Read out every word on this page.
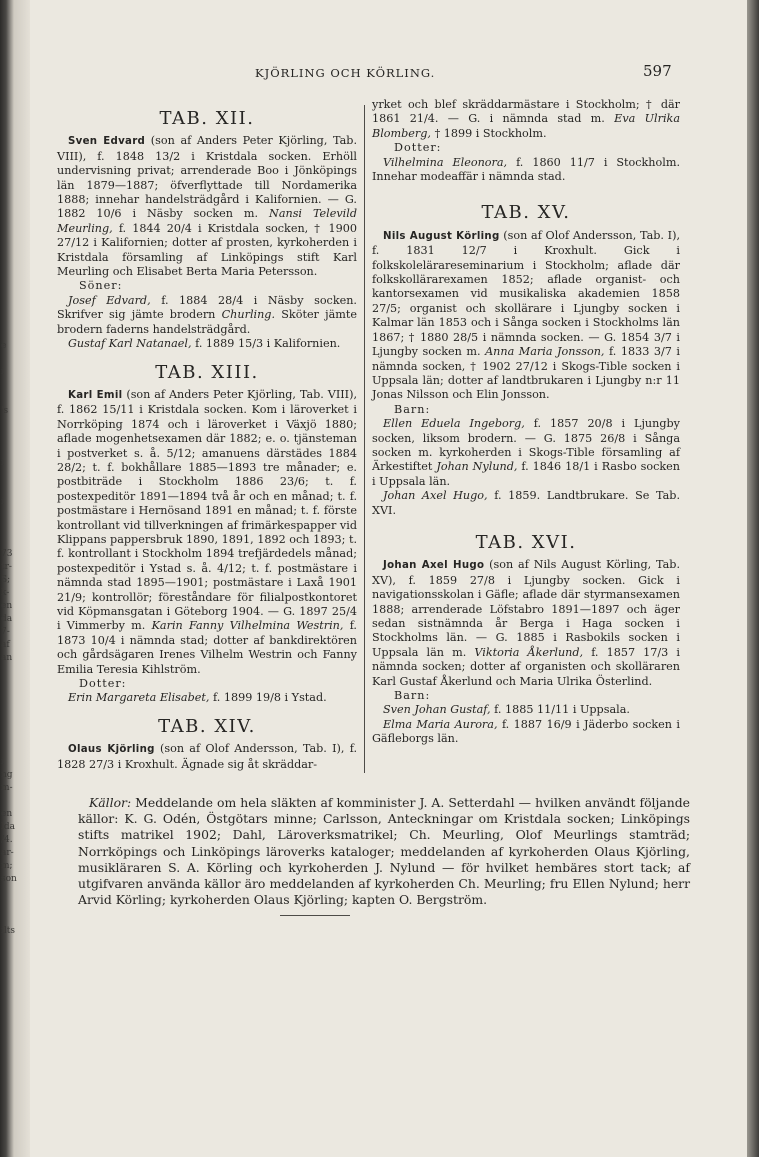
e

i

's

i

i

73
tr-
S;
k-
en
da
7-
af
an

i
ng
m-

en
lda
/4.
ar-
m;
son

ilts
KJÖRLING OCH KÖRLING.	597
TAB. XII.

Sven Edvard (son af Anders Peter Kjörling, Tab. VIII), f. 1848 13/2 i Kristdala socken. Erhöll undervisning privat; arrenderade Boo i Jönköpings län 1879—1887; öfverflyttade till Nordamerika 1888; innehar handelsträdgård i Kalifornien. — G. 1882 10/6 i Näsby socken m. Nansi Televild Meurling, f. 1844 20/4 i Kristdala socken, † 1900 27/12 i Kalifornien; dotter af prosten, kyrkoherden i Kristdala församling af Linköpings stift Karl Meurling och Elisabet Berta Maria Petersson.

Söner:

Josef Edvard, f. 1884 28/4 i Näsby socken. Skrifver sig jämte brodern Churling. Sköter jämte brodern faderns handelsträdgård.

Gustaf Karl Natanael, f. 1889 15/3 i Kalifornien.

TAB. XIII.

Karl Emil (son af Anders Peter Kjörling, Tab. VIII), f. 1862 15/11 i Kristdala socken. Kom i läroverket i Norrköping 1874 och i läroverket i Växjö 1880; aflade mogenhetsexamen där 1882; e. o. tjänsteman i postverket s. å. 5/12; amanuens därstädes 1884 28/2; t. f. bokhållare 1885—1893 tre månader; e. postbiträde i Stockholm 1886 23/6; t. f. postexpeditör 1891—1894 två år och en månad; t. f. postmästare i Hernösand 1891 en månad; t. f. förste kontrollant vid tillverkningen af frimärkespapper vid Klippans pappersbruk 1890, 1891, 1892 och 1893; t. f. kontrollant i Stockholm 1894 trefjärdedels månad; postexpeditör i Ystad s. å. 4/12; t. f. postmästare i nämnda stad 1895—1901; postmästare i Laxå 1901 21/9; kontrollör; föreståndare för filialpostkontoret vid Köpmansgatan i Göteborg 1904. — G. 1897 25/4 i Vimmerby m. Karin Fanny Vilhelmina Westrin, f. 1873 10/4 i nämnda stad; dotter af bankdirektören och gårdsägaren Irenes Vilhelm Westrin och Fanny Emilia Teresia Kihlström.

Dotter:

Erin Margareta Elisabet, f. 1899 19/8 i Ystad.

TAB. XIV.

Olaus Kjörling (son af Olof Andersson, Tab. I), f. 1828 27/3 i Kroxhult. Ägnade sig åt skräddar-

yrket och blef skräddarmästare i Stockholm; † där 1861 21/4. — G. i nämnda stad m. Eva Ulrika Blomberg, † 1899 i Stockholm.

Dotter:

Vilhelmina Eleonora, f. 1860 11/7 i Stockholm. Innehar modeaffär i nämnda stad.

TAB. XV.

Nils August Körling (son af Olof Andersson, Tab. I), f. 1831 12/7 i Kroxhult. Gick i folkskolelärareseminarium i Stockholm; aflade där folkskollärarexamen 1852; aflade organist- och kantorsexamen vid musikaliska akademien 1858 27/5; organist och skollärare i Ljungby socken i Kalmar län 1853 och i Sånga socken i Stockholms län 1867; † 1880 28/5 i nämnda socken. — G. 1854 3/7 i Ljungby socken m. Anna Maria Jonsson, f. 1833 3/7 i nämnda socken, † 1902 27/12 i Skogs-Tible socken i Uppsala län; dotter af landtbrukaren i Ljungby n:r 11 Jonas Nilsson och Elin Jonsson.

Barn:

Ellen Eduela Ingeborg, f. 1857 20/8 i Ljungby socken, liksom brodern. — G. 1875 26/8 i Sånga socken m. kyrkoherden i Skogs-Tible församling af Ärkestiftet Johan Nylund, f. 1846 18/1 i Rasbo socken i Uppsala län.

Johan Axel Hugo, f. 1859. Landtbrukare. Se Tab. XVI.

TAB. XVI.

Johan Axel Hugo (son af Nils August Körling, Tab. XV), f. 1859 27/8 i Ljungby socken. Gick i navigationsskolan i Gäfle; aflade där styrmansexamen 1888; arrenderade Löfstabro 1891—1897 och äger sedan sistnämnda år Berga i Haga socken i Stockholms län. — G. 1885 i Rasbokils socken i Uppsala län m. Viktoria Åkerlund, f. 1857 17/3 i nämnda socken; dotter af organisten och skolläraren Karl Gustaf Åkerlund och Maria Ulrika Österlind.

Barn:

Sven Johan Gustaf, f. 1885 11/11 i Uppsala.

Elma Maria Aurora, f. 1887 16/9 i Jäderbo socken i Gäfleborgs län.

Källor: Meddelande om hela släkten af komminister J. A. Setterdahl — hvilken användt följande källor: K. G. Odén, Östgötars minne; Carlsson, Anteckningar om Kristdala socken; Linköpings stifts matrikel 1902; Dahl, Läroverksmatrikel; Ch. Meurling, Olof Meurlings stamträd; Norrköpings och Linköpings läroverks kataloger; meddelanden af kyrkoherden Olaus Kjörling, musikläraren S. A. Körling och kyrkoherden J. Nylund — för hvilket hembäres stort tack; af utgifvaren använda källor äro meddelanden af kyrkoherden Ch. Meurling; fru Ellen Nylund; herr Arvid Körling; kyrkoherden Olaus Kjörling; kapten O. Bergström.
